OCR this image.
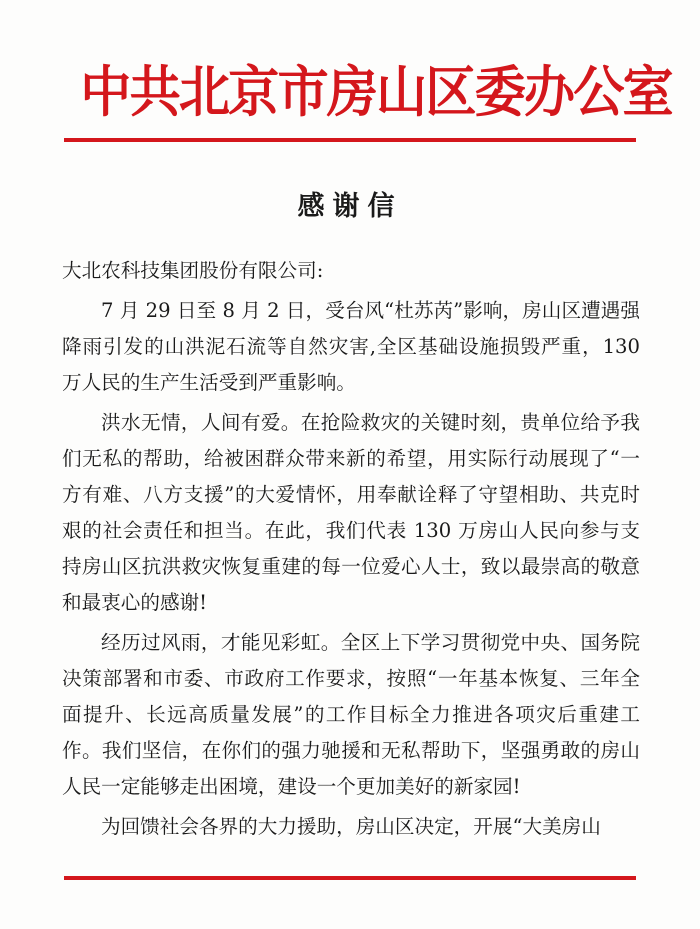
中共北京市房山区委办公室
感谢信

大北农科技集团股份有限公司:

7 月 29 日至 8 月 2 日，受台风“杜苏芮”影响，房山区遭遇强降雨引发的山洪泥石流等自然灾害,全区基础设施损毁严重，130 万人民的生产生活受到严重影响。

洪水无情，人间有爱。在抢险救灾的关键时刻，贵单位给予我们无私的帮助，给被困群众带来新的希望，用实际行动展现了“一方有难、八方支援”的大爱情怀，用奉献诠释了守望相助、共克时艰的社会责任和担当。在此，我们代表 130 万房山人民向参与支持房山区抗洪救灾恢复重建的每一位爱心人士，致以最崇高的敬意和最衷心的感谢!

经历过风雨，才能见彩虹。全区上下学习贯彻党中央、国务院决策部署和市委、市政府工作要求，按照“一年基本恢复、三年全面提升、长远高质量发展”的工作目标全力推进各项灾后重建工作。我们坚信，在你们的强力驰援和无私帮助下，坚强勇敢的房山人民一定能够走出困境，建设一个更加美好的新家园!

为回馈社会各界的大力援助，房山区决定，开展“大美房山
